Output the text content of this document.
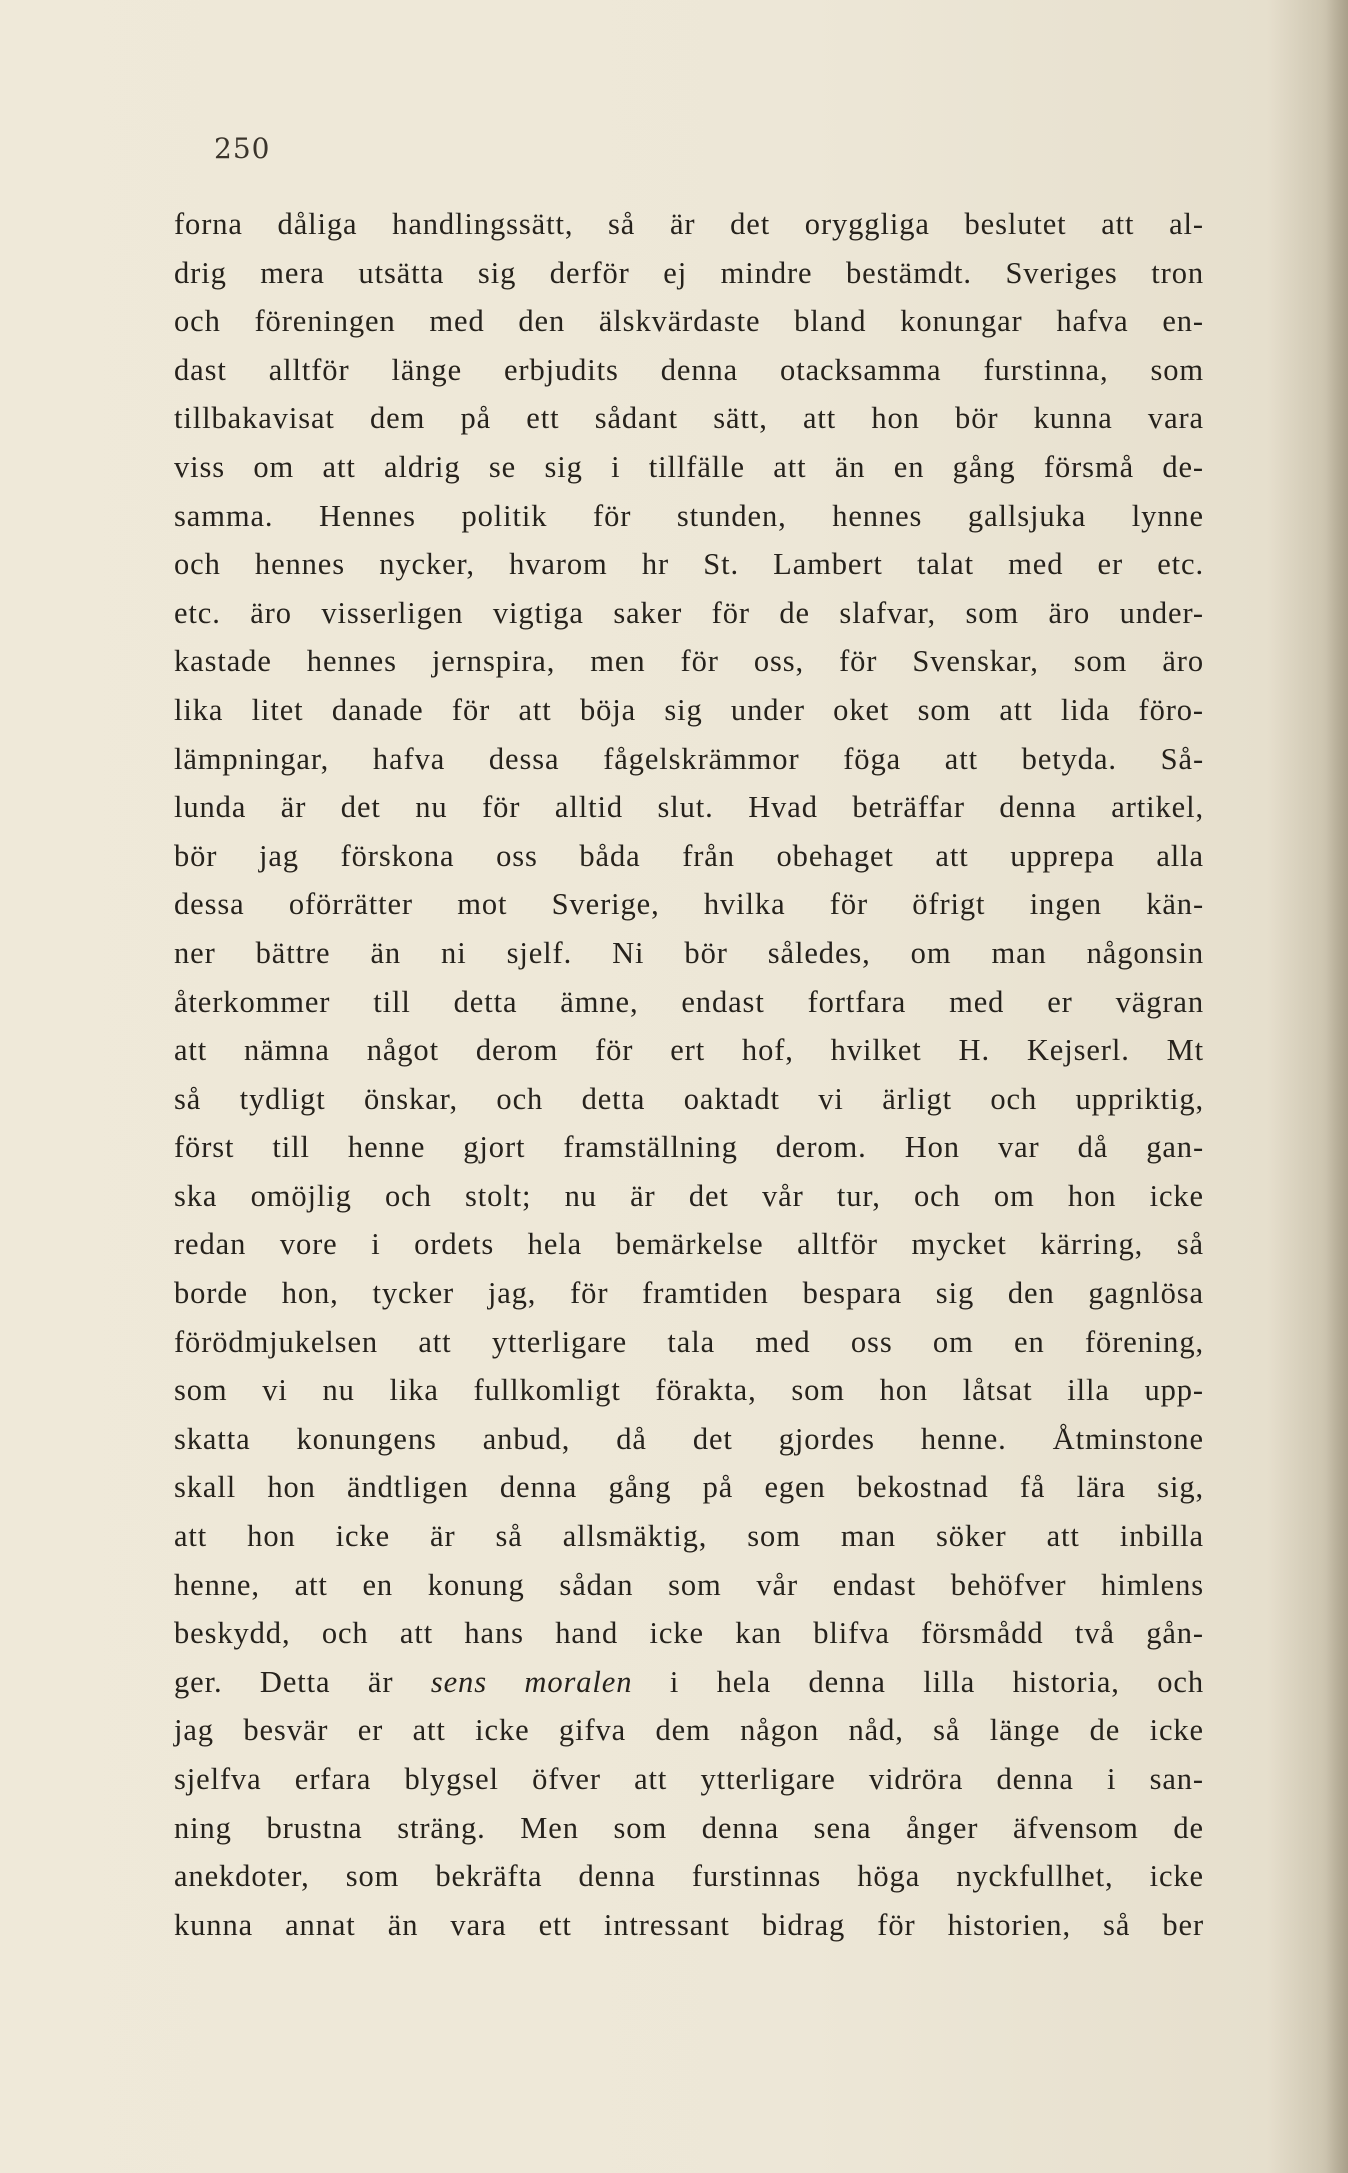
250
forna dåliga handlingssätt, så är det oryggliga beslutet att al-
drig mera utsätta sig derför ej mindre bestämdt. Sveriges tron
och föreningen med den älskvärdaste bland konungar hafva en-
dast alltför länge erbjudits denna otacksamma furstinna, som
tillbakavisat dem på ett sådant sätt, att hon bör kunna vara
viss om att aldrig se sig i tillfälle att än en gång försmå de-
samma. Hennes politik för stunden, hennes gallsjuka lynne
och hennes nycker, hvarom hr St. Lambert talat med er etc.
etc. äro visserligen vigtiga saker för de slafvar, som äro under-
kastade hennes jernspira, men för oss, för Svenskar, som äro
lika litet danade för att böja sig under oket som att lida föro-
lämpningar, hafva dessa fågelskrämmor föga att betyda. Så-
lunda är det nu för alltid slut. Hvad beträffar denna artikel,
bör jag förskona oss båda från obehaget att upprepa alla
dessa oförrätter mot Sverige, hvilka för öfrigt ingen kän-
ner bättre än ni sjelf. Ni bör således, om man någonsin
återkommer till detta ämne, endast fortfara med er vägran
att nämna något derom för ert hof, hvilket H. Kejserl. Mt
så tydligt önskar, och detta oaktadt vi ärligt och uppriktig,
först till henne gjort framställning derom. Hon var då gan-
ska omöjlig och stolt; nu är det vår tur, och om hon icke
redan vore i ordets hela bemärkelse alltför mycket kärring, så
borde hon, tycker jag, för framtiden bespara sig den gagnlösa
förödmjukelsen att ytterligare tala med oss om en förening,
som vi nu lika fullkomligt förakta, som hon låtsat illa upp-
skatta konungens anbud, då det gjordes henne. Åtminstone
skall hon ändtligen denna gång på egen bekostnad få lära sig,
att hon icke är så allsmäktig, som man söker att inbilla
henne, att en konung sådan som vår endast behöfver himlens
beskydd, och att hans hand icke kan blifva försmådd två gån-
ger. Detta är sens moralen i hela denna lilla historia, och
jag besvär er att icke gifva dem någon nåd, så länge de icke
sjelfva erfara blygsel öfver att ytterligare vidröra denna i san-
ning brustna sträng. Men som denna sena ånger äfvensom de
anekdoter, som bekräfta denna furstinnas höga nyckfullhet, icke
kunna annat än vara ett intressant bidrag för historien, så ber
